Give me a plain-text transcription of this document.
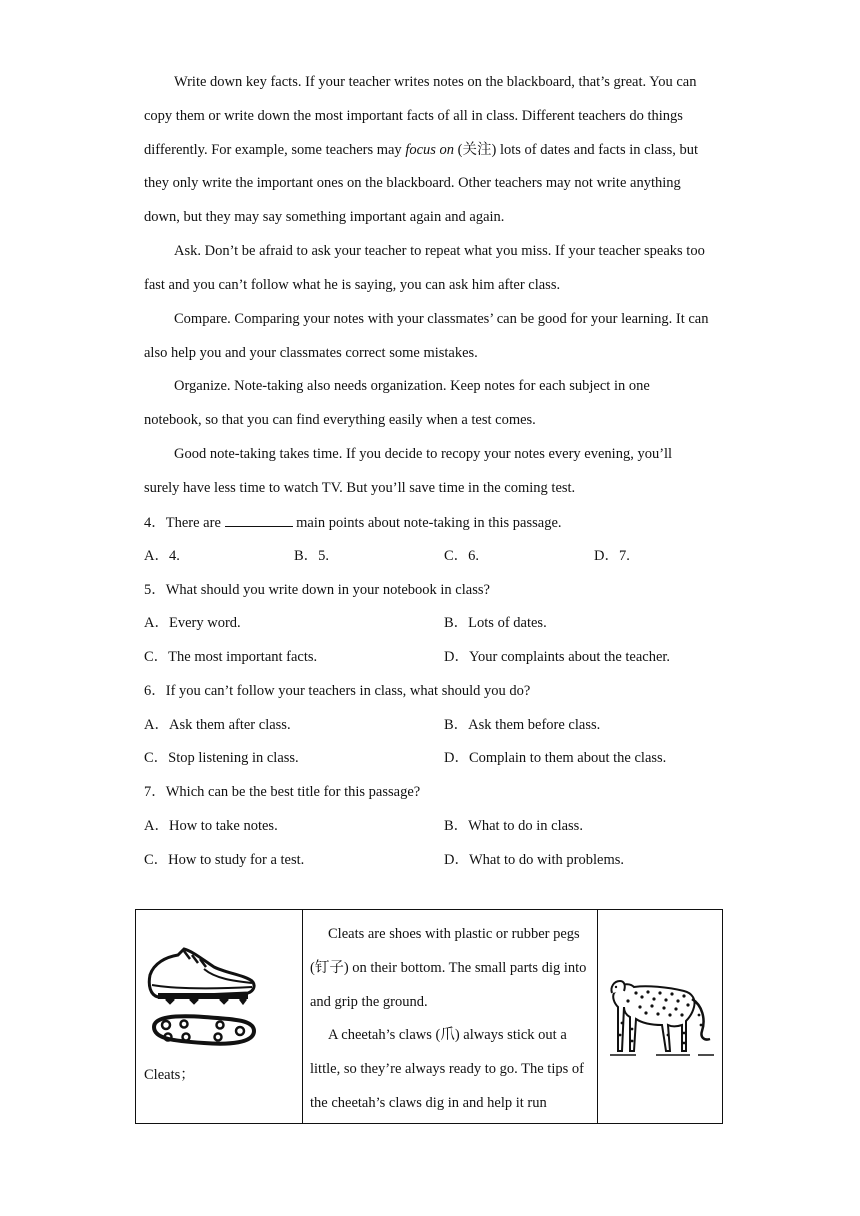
Write down key facts. If your teacher writes notes on the blackboard, that’s great. You can copy them or write down the most important facts of all in class. Different teachers do things differently. For example, some teachers may focus on (关注) lots of dates and facts in class, but they only write the important ones on the blackboard. Other teachers may not write anything down, but they may say something important again and again.

Ask. Don’t be afraid to ask your teacher to repeat what you miss. If your teacher speaks too fast and you can’t follow what he is saying, you can ask him after class.

Compare. Comparing your notes with your classmates’ can be good for your learning. It can also help you and your classmates correct some mistakes.

Organize. Note-taking also needs organization. Keep notes for each subject in one notebook, so that you can find everything easily when a test comes.

Good note-taking takes time. If you decide to recopy your notes every evening, you’ll surely have less time to watch TV. But you’ll save time in the coming test.

4．There are	main points about note-taking in this passage.
A．4.	B．5.	C．6.	D．7.
5．What should you write down in your notebook in class?
A．Every word.	B．Lots of dates.
C．The most important facts.	D．Your complaints about the teacher.
6．If you can’t follow your teachers in class, what should you do?
A．Ask them after class.	B．Ask them before class.
C．Stop listening in class.	D．Complain to them about the class.
7．Which can be the best title for this passage?
A．How to take notes.	B．What to do in class.
C．How to study for a test.	D．What to do with problems.
Cleats；

Cleats are shoes with plastic or rubber pegs (钉子) on their bottom. The small parts dig into and grip the ground.

A cheetah’s claws (爪) always stick out a little, so they’re always ready to go. The tips of the cheetah’s claws dig in and help it run
